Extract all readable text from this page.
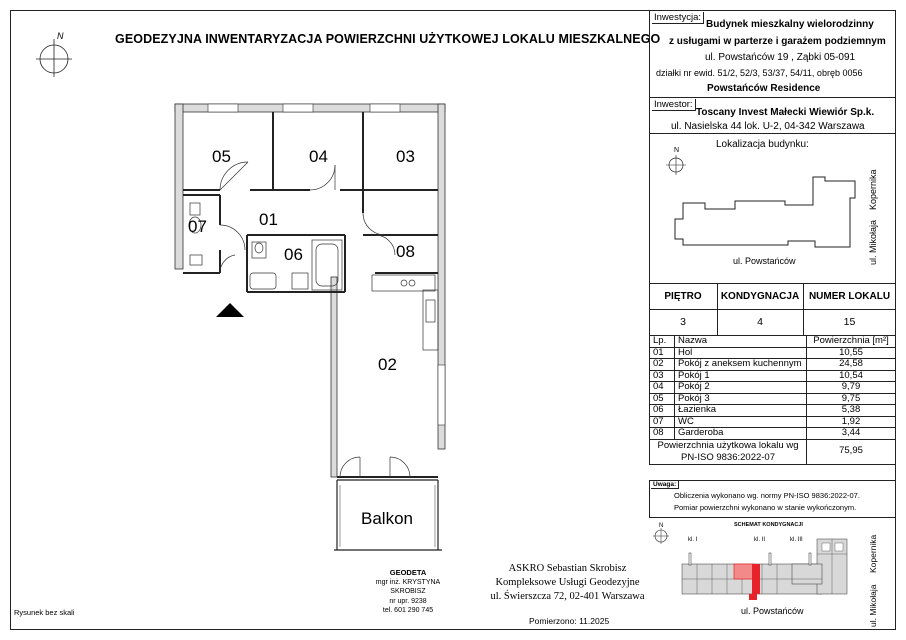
GEODEZYJNA INWENTARYZACJA POWIERZCHNI UŻYTKOWEJ LOKALU MIESZKALNEGO
N
05	04	03
07	01
06	08
02
Balkon
Inwestycja:
Budynek mieszkalny wielorodzinny
z usługami w parterze i garażem podziemnym
ul. Powstańców 19 , Ząbki 05-091
działki nr ewid. 51/2, 52/3, 53/37, 54/11, obręb 0056
Powstańców Residence
Inwestor:
Toscany Invest Małecki Wiewiór Sp.k.
ul. Nasielska 44 lok. U-2, 04-342 Warszawa
Lokalizacja budynku:
N
ul. Powstańców	ul. Mikołaja
Kopernika
PIĘTRO	KONDYGNACJA NUMER LOKALU
3	4	15
Lp.	Nazwa	Powierzchnia [m²]
01	Hol	10,55
02	Pokój z aneksem kuchennym	24,58
03	Pokój 1	10,54
04	Pokój 2	9,79
05	Pokój 3	9,75
06	Łazienka	5,38
07	WC	1,92
08	Garderoba	3,44

Powierzchnia użytkowa lokalu wg
PN-ISO 9836:2022-07		75,95
Uwaga:
Obliczenia wykonano wg. normy PN-ISO 9836:2022-07.
Pomiar powierzchni wykonano w stanie wykończonym.
SCHEMAT KONDYGNACJI
N
kl. I	kl. II	kl. III
ul. Powstańców	ul. Mikołaja
Kopernika
GEODETA
mgr inż. KRYSTYNA SKROBISZ
nr upr. 9238
tel. 601 290 745
ASKRO Sebastian Skrobisz
Kompleksowe Usługi Geodezyjne
ul. Świerszcza 72, 02-401 Warszawa
Pomierzono: 11.2025
Rysunek bez skali
